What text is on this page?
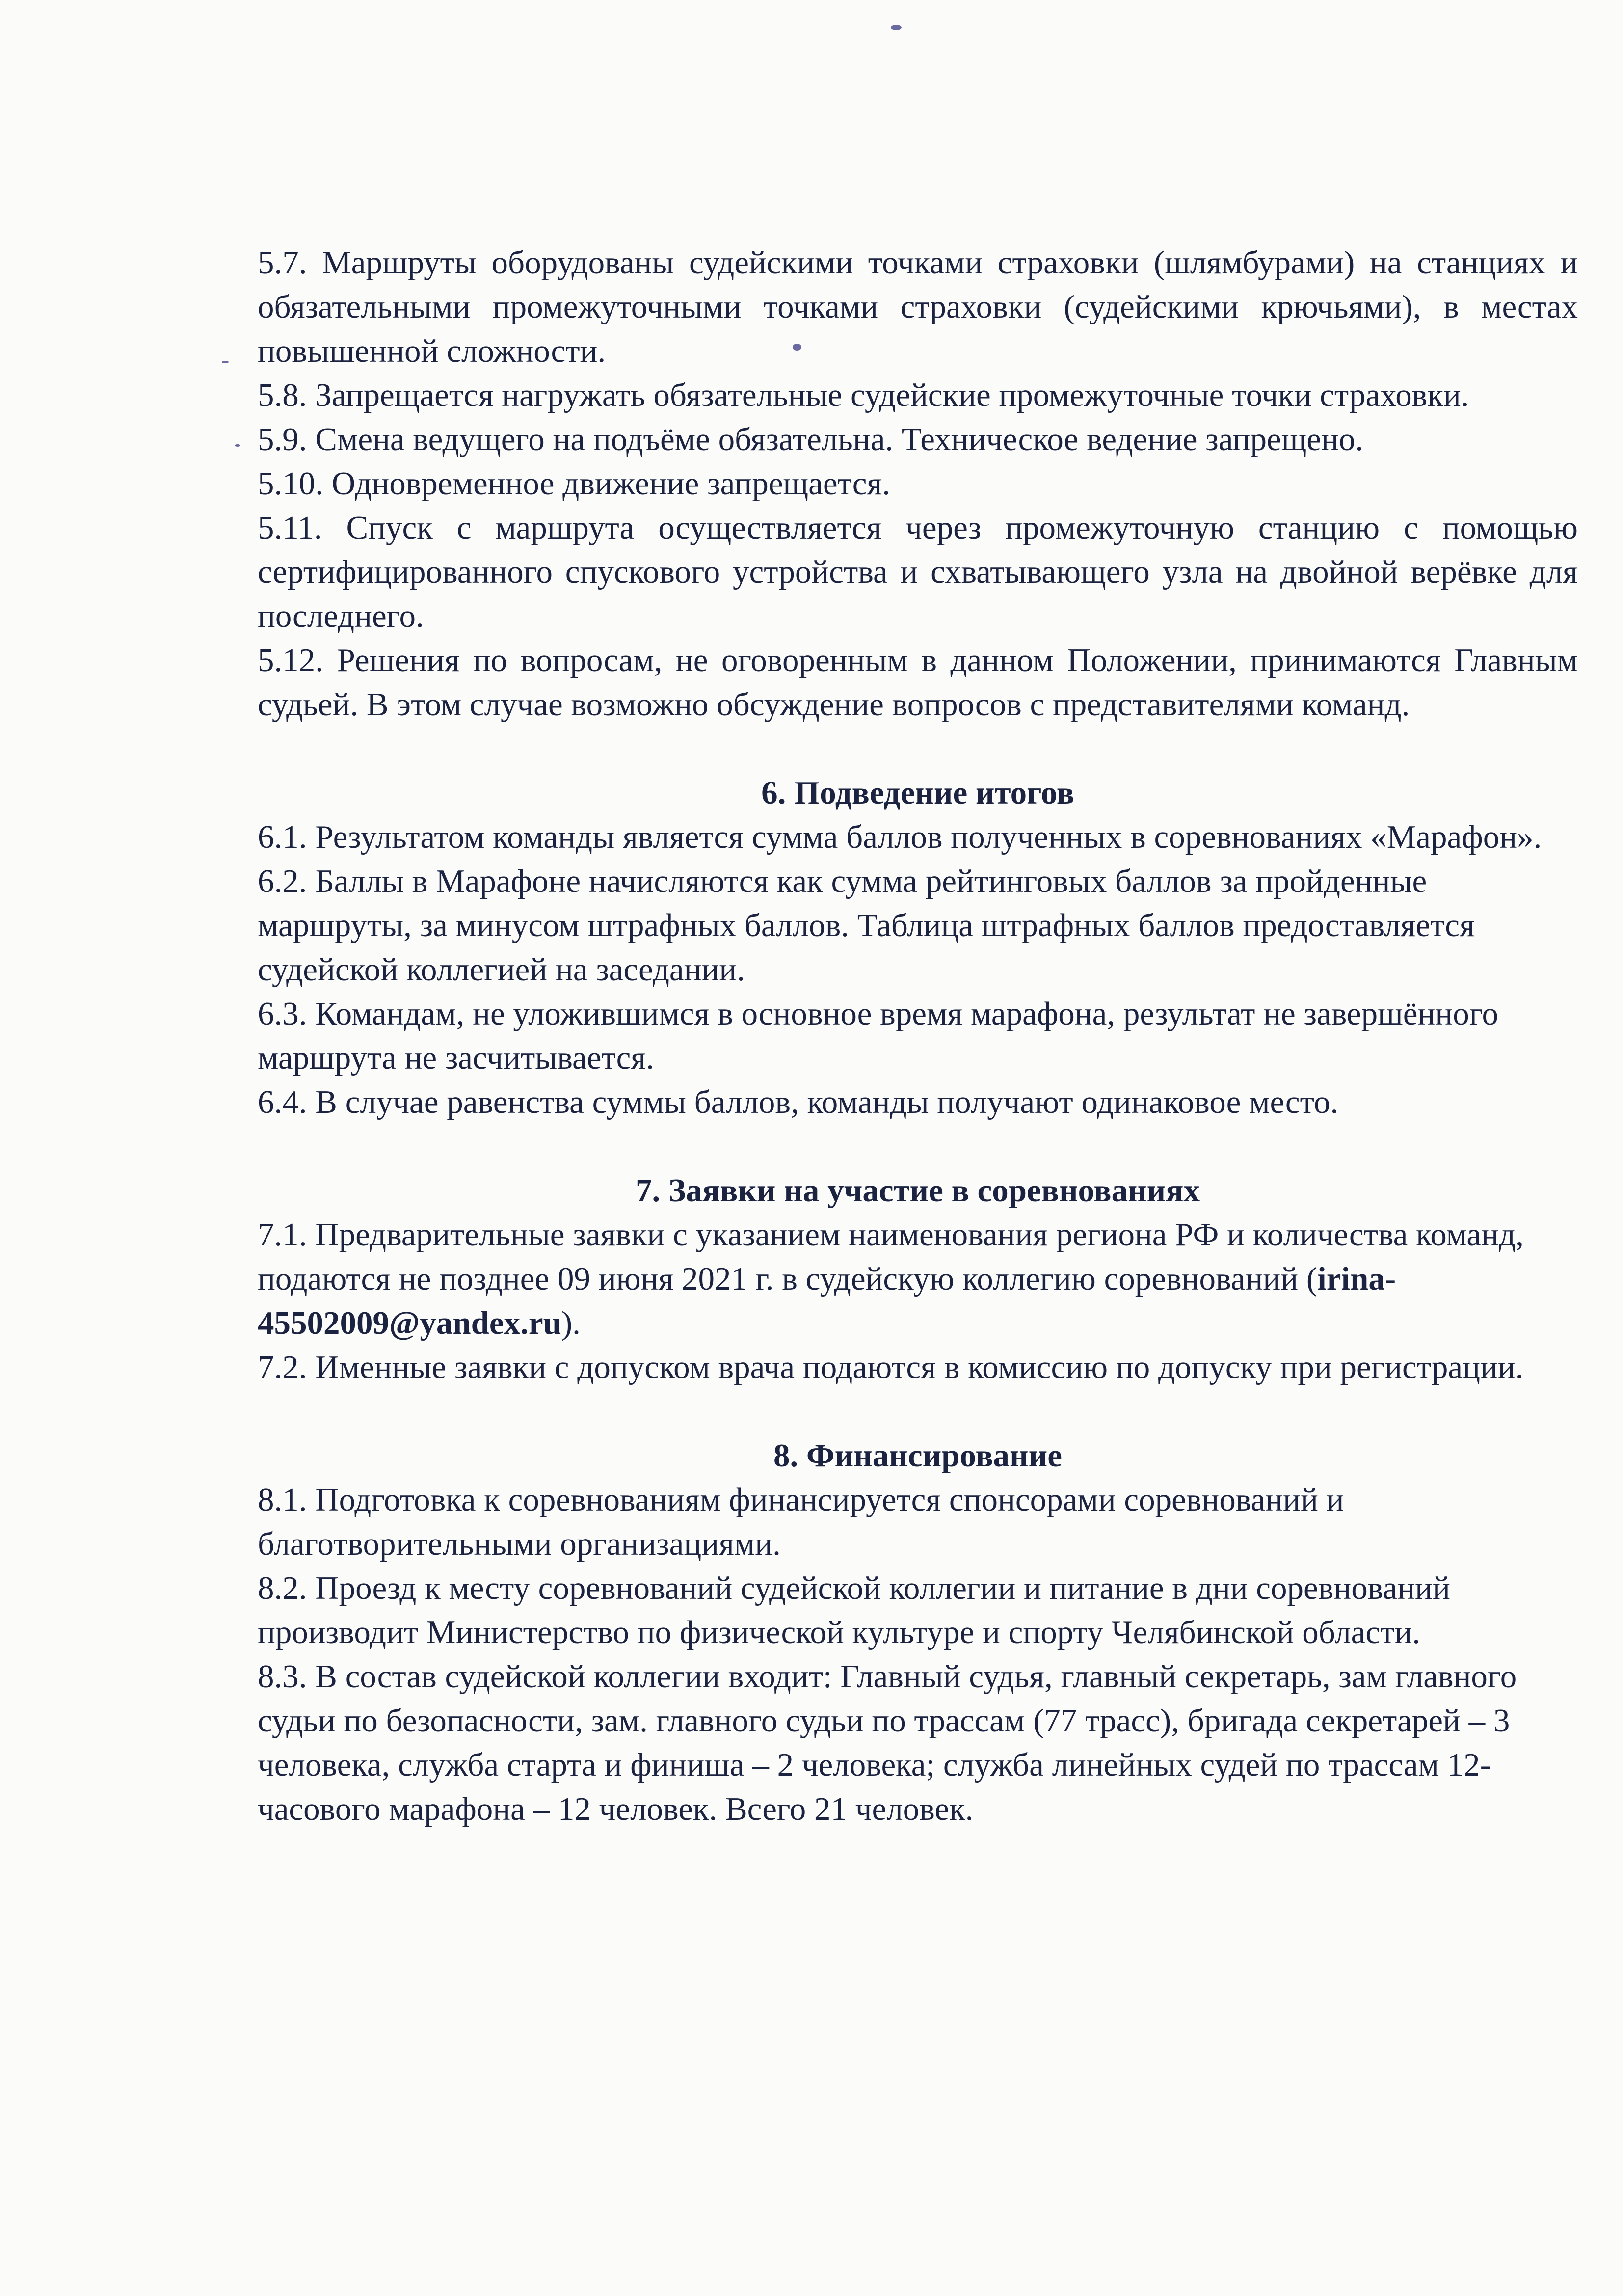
5.7. Маршруты оборудованы судейскими точками страховки (шлямбурами) на станциях и обязательными промежуточными точками страховки (судейскими крючьями), в местах повышенной сложности.

5.8. Запрещается нагружать обязательные судейские промежуточные точки страховки.

5.9. Смена ведущего на подъёме обязательна. Техническое ведение запрещено.

5.10. Одновременное движение запрещается.

5.11. Спуск с маршрута осуществляется через промежуточную станцию с помощью сертифицированного спускового устройства и схватывающего узла на двойной верёвке для последнего.

5.12. Решения по вопросам, не оговоренным в данном Положении, принимаются Главным судьей. В этом случае возможно обсуждение вопросов с представителями команд.

6. Подведение итогов

6.1. Результатом команды является сумма баллов полученных в соревнованиях «Марафон».

6.2. Баллы в Марафоне начисляются как сумма рейтинговых баллов за пройденные маршруты, за минусом штрафных баллов. Таблица штрафных баллов предоставляется судейской коллегией на заседании.

6.3. Командам, не уложившимся в основное время марафона, результат не завершённого маршрута не засчитывается.

6.4. В случае равенства суммы баллов, команды получают одинаковое место.

7. Заявки на участие в соревнованиях

7.1. Предварительные заявки с указанием наименования региона РФ и количества команд, подаются не позднее 09 июня 2021 г. в судейскую коллегию соревнований (irina-45502009@yandex.ru).

7.2. Именные заявки с допуском врача подаются в комиссию по допуску при регистрации.

8. Финансирование

8.1. Подготовка к соревнованиям финансируется спонсорами соревнований и благотворительными организациями.

8.2. Проезд к месту соревнований судейской коллегии и питание в дни соревнований производит Министерство по физической культуре и спорту Челябинской области.

8.3. В состав судейской коллегии входит: Главный судья, главный секретарь, зам главного судьи по безопасности, зам. главного судьи по трассам (77 трасс), бригада секретарей – 3 человека, служба старта и финиша – 2 человека; служба линейных судей по трассам 12-часового марафона – 12 человек. Всего 21 человек.
